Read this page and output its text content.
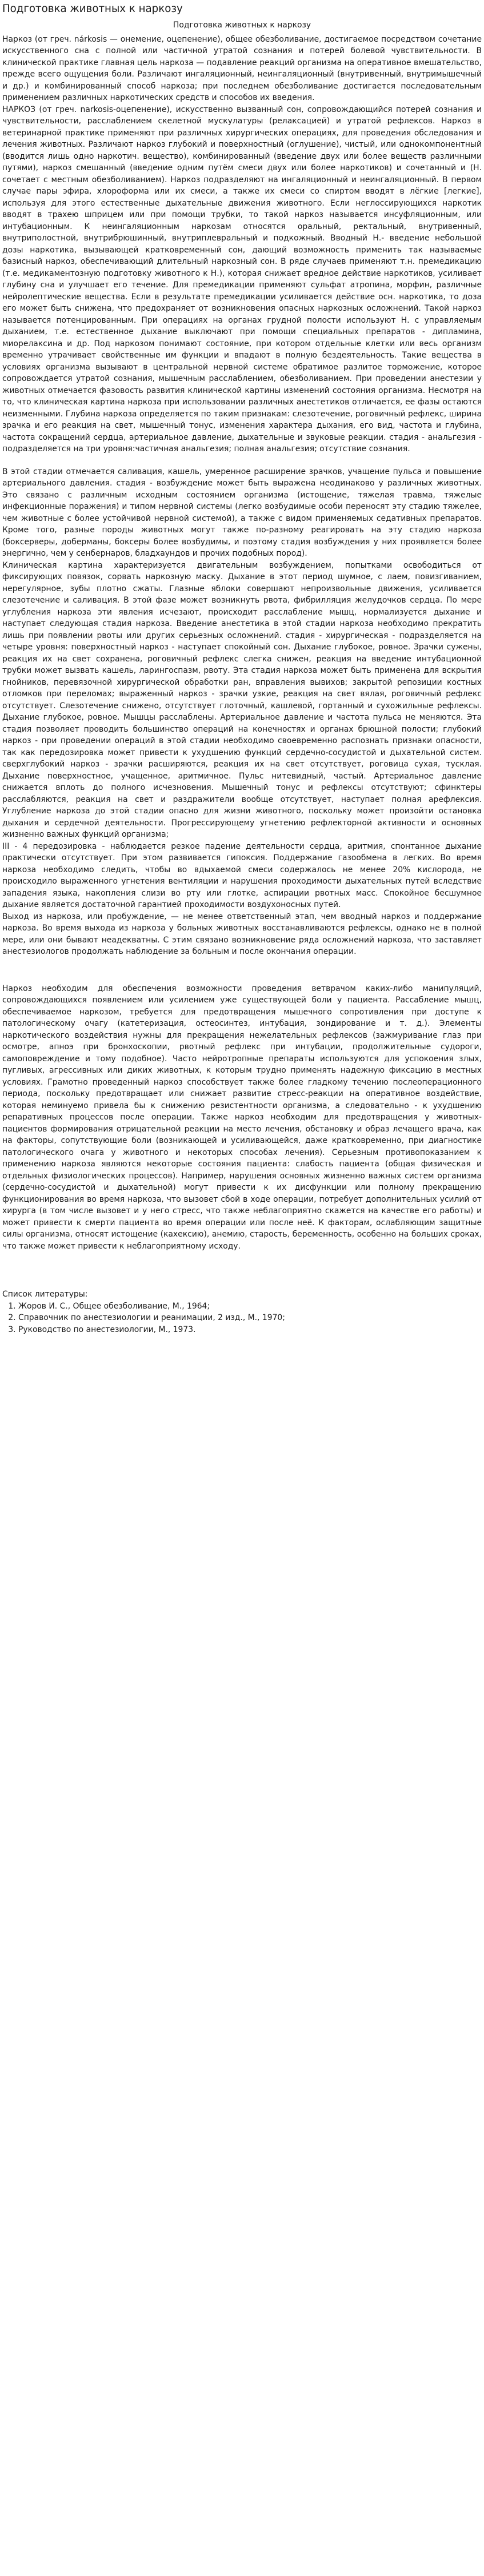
Подготовка животных к наркозу
Подготовка животных к наркозу

Наркоз (от греч. nárkosis — онемение, оцепенение), общее обезболивание, достигаемое посредством сочетание искусственного сна с полной или частичной утратой сознания и потерей болевой чувствительности. В клинической практике главная цель наркоза — подавление реакций организма на оперативное вмешательство, прежде всего ощущения боли. Различают ингаляционный, неингаляционный (внутривенный, внутримышечный и др.) и комбинированный способ наркоза; при последнем обезболивание достигается последовательным применением различных наркотических средств и способов их введения.

НАРКОЗ (от греч. narkosis-оцепенение), искусственно вызванный сон, сопровождающийся потерей сознания и чувствительности, расслаблением скелетной мускулатуры (релаксацией) и утратой рефлексов. Наркоз в ветеринарной практике применяют при различных хирургических операциях, для проведения обследования и лечения животных. Различают наркоз глубокий и поверхностный (оглушение), чистый, или однокомпонентный (вводится лишь одно наркотич. вещество), комбинированный (введение двух или более веществ различными путями), наркоз смешанный (введение одним путём смеси двух или более наркотиков) и сочетанный и (Н. сочетает с местным обезболиванием). Наркоз подразделяют на ингаляционный и неингаляционный. В первом случае пары эфира, хлороформа или их смеси, а также их смеси со спиртом вводят в лёгкие [легкие], используя для этого естественные дыхательные движения животного. Если неглоссирующихся наркотик вводят в трахею шприцем или при помощи трубки, то такой наркоз называется инсуфляционным, или интубационным. К неингаляционным наркозам относятся оральный, ректальный, внутривенный, внутриполостной, внутрибрюшинный, внутриплевральный и подкожный. Вводный Н.- введение небольшой дозы наркотика, вызывающей кратковременный сон, дающий возможность применить так называемые базисный наркоз, обеспечивающий длительный наркозный сон. В ряде случаев применяют т.н. премедикацию (т.е. медикаментозную подготовку животного к Н.), которая снижает вредное действие наркотиков, усиливает глубину сна и улучшает его течение. Для премедикации применяют сульфат атропина, морфин, различные нейролептические вещества. Если в результате премедикации усиливается действие осн. наркотика, то доза его может быть снижена, что предохраняет от возникновения опасных наркозных осложнений. Такой наркоз называется потенцированным. При операциях на органах грудной полости используют Н. с управляемым дыханием, т.е. естественное дыхание выключают при помощи специальных препаратов - дипламина, миорелаксина и др. Под наркозом понимают состояние, при котором отдельные клетки или весь организм временно утрачивает свойственные им функции и впадают в полную бездеятельность. Такие вещества в условиях организма вызывают в центральной нервной системе обратимое разлитое торможение, которое сопровождается утратой сознания, мышечным расслаблением, обезболиванием. При проведении анестезии у животных отмечается фазовость развития клинической картины изменений состояния организма. Несмотря на то, что клиническая картина наркоза при использовании различных анестетиков отличается, ее фазы остаются неизменными. Глубина наркоза определяется по таким признакам: слезотечение, роговичный рефлекс, ширина зрачка и его реакция на свет, мышечный тонус, изменения характера дыхания, его вид, частота и глубина, частота сокращений сердца, артериальное давление, дыхательные и звуковые реакции. стадия - анальгезия - подразделяется на три уровня:частичная анальгезия; полная анальгезия; отсутствие сознания.

В этой стадии отмечается саливация, кашель, умеренное расширение зрачков, учащение пульса и повышение артериального давления. стадия - возбуждение может быть выражена неодинаково у различных животных. Это связано с различным исходным состоянием организма (истощение, тяжелая травма, тяжелые инфекционные поражения) и типом нервной системы (легко возбудимые особи переносят эту стадию тяжелее, чем животные с более устойчивой нервной системой), а также с видом применяемых седативных препаратов. Кроме того, разные породы животных могут также по-разному реагировать на эту стадию наркоза (боксерверы, доберманы, боксеры более возбудимы, и поэтому стадия возбуждения у них проявляется более энергично, чем у сенбернаров, бладхаундов и прочих подобных пород).

Клиническая картина характеризуется двигательным возбуждением, попытками освободиться от фиксирующих повязок, сорвать наркозную маску. Дыхание в этот период шумное, с лаем, повизгиванием, нерегулярное, зубы плотно сжаты. Глазные яблоки совершают непроизвольные движения, усиливается слезотечение и саливация. В этой фазе может возникнуть рвота, фибрилляция желудочков сердца. По мере углубления наркоза эти явления исчезают, происходит расслабление мышц, нормализуется дыхание и наступает следующая стадия наркоза. Введение анестетика в этой стадии наркоза необходимо прекратить лишь при появлении рвоты или других серьезных осложнений. стадия - хирургическая - подразделяется на четыре уровня: поверхностный наркоз - наступает спокойный сон. Дыхание глубокое, ровное. Зрачки сужены, реакция их на свет сохранена, роговичный рефлекс слегка снижен, реакция на введение интубационной трубки может вызвать кашель, ларингоспазм, рвоту. Эта стадия наркоза может быть применена для вскрытия гнойников, перевязочной хирургической обработки ран, вправления вывихов; закрытой репозиции костных отломков при переломах; выраженный наркоз - зрачки узкие, реакция на свет вялая, роговичный рефлекс отсутствует. Слезотечение снижено, отсутствует глоточный, кашлевой, гортанный и сухожильные рефлексы. Дыхание глубокое, ровное. Мышцы расслаблены. Артериальное давление и частота пульса не меняются. Эта стадия позволяет проводить большинство операций на конечностях и органах брюшной полости; глубокий наркоз - при проведении операций в этой стадии необходимо своевременно распознать признаки опасности, так как передозировка может привести к ухудшению функций сердечно-сосудистой и дыхательной систем. сверхглубокий наркоз - зрачки расширяются, реакция их на свет отсутствует, роговица сухая, тусклая. Дыхание поверхностное, учащенное, аритмичное. Пульс нитевидный, частый. Артериальное давление снижается вплоть до полного исчезновения. Мышечный тонус и рефлексы отсутствуют; сфинктеры расслабляются, реакция на свет и раздражители вообще отсутствует, наступает полная арефлексия. Углубление наркоза до этой стадии опасно для жизни животного, поскольку может произойти остановка дыхания и сердечной деятельности. Прогрессирующему угнетению рефлекторной активности и основных жизненно важных функций организма;

III - 4 передозировка - наблюдается резкое падение деятельности сердца, аритмия, спонтанное дыхание практически отсутствует. При этом развивается гипоксия. Поддержание газообмена в легких. Во время наркоза необходимо следить, чтобы во вдыхаемой смеси содержалось не менее 20% кислорода, не происходило выраженного угнетения вентиляции и нарушения проходимости дыхательных путей вследствие западения языка, накопления слизи во рту или глотке, аспирации рвотных масс. Спокойное бесшумное дыхание является достаточной гарантией проходимости воздухоносных путей.

Выход из наркоза, или пробуждение, — не менее ответственный этап, чем вводный наркоз и поддержание наркоза. Во время выхода из наркоза у больных животных восстанавливаются рефлексы, однако не в полной мере, или они бывают неадекватны. С этим связано возникновение ряда осложнений наркоза, что заставляет анестезиологов продолжать наблюдение за больным и после окончания операции.

Наркоз необходим для обеспечения возможности проведения ветврачом каких-либо манипуляций, сопровождающихся появлением или усилением уже существующей боли у пациента. Рассабление мышц, обеспечиваемое наркозом, требуется для предотвращения мышечного сопротивления при доступе к патологическому очагу (катетеризация, остеосинтез, интубация, зондирование и т. д.). Элементы наркотического воздействия нужны для прекращения нежелательных рефлексов (зажмуривание глаз при осмотре, апноэ при бронхоскопии, рвотный рефлекс при интубации, продолжительные судороги, самоповреждение и тому подобное). Часто нейротропные препараты используются для успокоения злых, пугливых, агрессивных или диких животных, к которым трудно применять надежную фиксацию в местных условиях. Грамотно проведенный наркоз способствует также более гладкому течению послеоперационного периода, поскольку предотвращает или снижает развитие стресс-реакции на оперативное воздействие, которая неминуемо привела бы к снижению резистентности организма, а следовательно - к ухудшению репаративных процессов после операции. Также наркоз необходим для предотвращения у животных-пациентов формирования отрицательной реакции на место лечения, обстановку и образ лечащего врача, как на факторы, сопутствующие боли (возникающей и усиливающейся, даже кратковременно, при диагностике патологического очага у животного и некоторых способах лечения). Серьезным противопоказанием к применению наркоза являются некоторые состояния пациента: слабость пациента (общая физическая и отдельных физиологических процессов). Например, нарушения основных жизненно важных систем организма (сердечно-сосудистой и дыхательной) могут привести к их дисфункции или полному прекращению функционирования во время наркоза, что вызовет сбой в ходе операции, потребует дополнительных усилий от хирурга (в том числе вызовет и у него стресс, что также неблагоприятно скажется на качестве его работы) и может привести к смерти пациента во время операции или после неё. К факторам, ослабляющим защитные силы организма, относят истощение (кахексию), анемию, старость, беременность, особенно на больших сроках, что также может привести к неблагоприятному исходу.

Список литературы:
1. Жоров И. С., Общее обезболивание, М., 1964;
2. Справочник по анестезиологии и реанимации, 2 изд., М., 1970;
3. Руководство по анестезиологии, М., 1973.
